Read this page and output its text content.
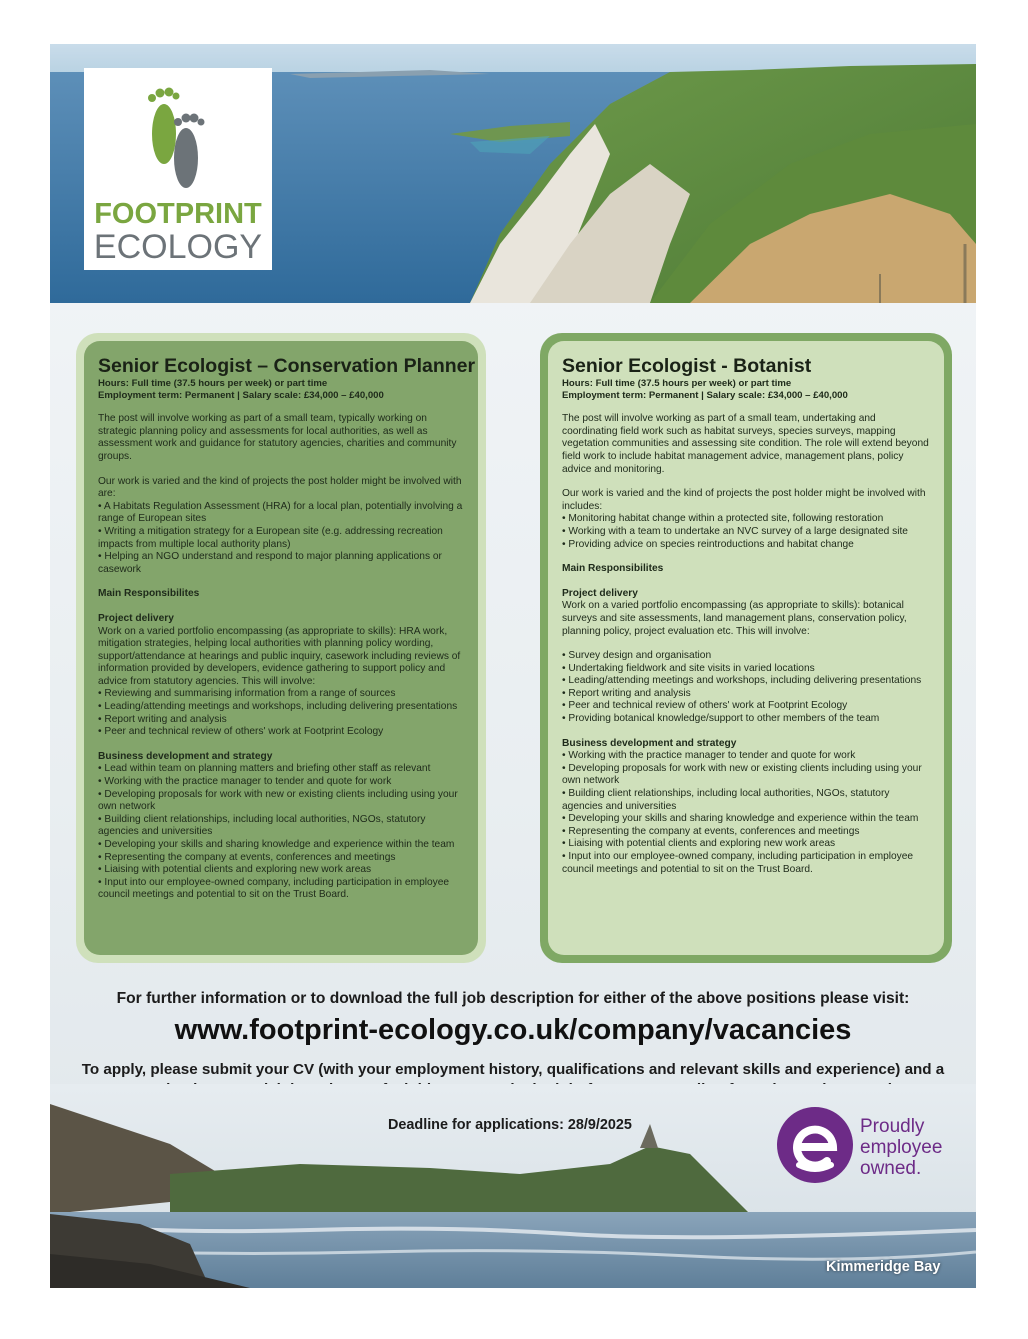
FOOTPRINT
ECOLOGY
Senior Ecologist – Conservation Planner

Hours: Full time (37.5 hours per week) or part time

Employment term: Permanent | Salary scale: £34,000 – £40,000

The post will involve working as part of a small team, typically working on strategic planning policy and assessments for local authorities, as well as assessment work and guidance for statutory agencies, charities and community groups.

Our work is varied and the kind of projects the post holder might be involved with are:

• A Habitats Regulation Assessment (HRA) for a local plan, potentially involving a range of European sites

• Writing a mitigation strategy for a European site (e.g. addressing recreation impacts from multiple local authority plans)

• Helping an NGO understand and respond to major planning applications or casework

Main Responsibilites

Project delivery

Work on a varied portfolio encompassing (as appropriate to skills): HRA work, mitigation strategies, helping local authorities with planning policy wording, support/attendance at hearings and public inquiry, casework including reviews of information provided by developers, evidence gathering to support policy and advice from statutory agencies. This will involve:

• Reviewing and summarising information from a range of sources

• Leading/attending meetings and workshops, including delivering presentations

• Report writing and analysis

• Peer and technical review of others' work at Footprint Ecology

Business development and strategy

• Lead within team on planning matters and briefing other staff as relevant

• Working with the practice manager to tender and quote for work

• Developing proposals for work with new or existing clients including using your own network

• Building client relationships, including local authorities, NGOs, statutory agencies and universities

• Developing your skills and sharing knowledge and experience within the team

• Representing the company at events, conferences and meetings

• Liaising with potential clients and exploring new work areas

• Input into our employee-owned company, including participation in employee council meetings and potential to sit on the Trust Board.

Senior Ecologist - Botanist

Hours: Full time (37.5 hours per week) or part time

Employment term: Permanent | Salary scale: £34,000 – £40,000

The post will involve working as part of a small team, undertaking and coordinating field work such as habitat surveys, species surveys, mapping vegetation communities and assessing site condition. The role will extend beyond field work to include habitat management advice, management plans, policy advice and monitoring.

Our work is varied and the kind of projects the post holder might be involved with includes:

• Monitoring habitat change within a protected site, following restoration

• Working with a team to undertake an NVC survey of a large designated site

• Providing advice on species reintroductions and habitat change

Main Responsibilites

Project delivery

Work on a varied portfolio encompassing (as appropriate to skills): botanical surveys and site assessments, land management plans, conservation policy, planning policy, project evaluation etc. This will involve:

• Survey design and organisation

• Undertaking fieldwork and site visits in varied locations

• Leading/attending meetings and workshops, including delivering presentations

• Report writing and analysis

• Peer and technical review of others' work at Footprint Ecology

• Providing botanical knowledge/support to other members of the team

Business development and strategy

• Working with the practice manager to tender and quote for work

• Developing proposals for work with new or existing clients including using your own network

• Building client relationships, including local authorities, NGOs, statutory agencies and universities

• Developing your skills and sharing knowledge and experience within the team

• Representing the company at events, conferences and meetings

• Liaising with potential clients and exploring new work areas

• Input into our employee-owned company, including participation in employee council meetings and potential to sit on the Trust Board.

For further information or to download the full job description for either of the above positions please visit:
www.footprint-ecology.co.uk/company/vacancies
To apply, please submit your CV (with your employment history, qualifications and relevant skills and experience) and a
Deadline for applications: 28/9/2025	Proudly
employee
owned.
Kimmeridge Bay
